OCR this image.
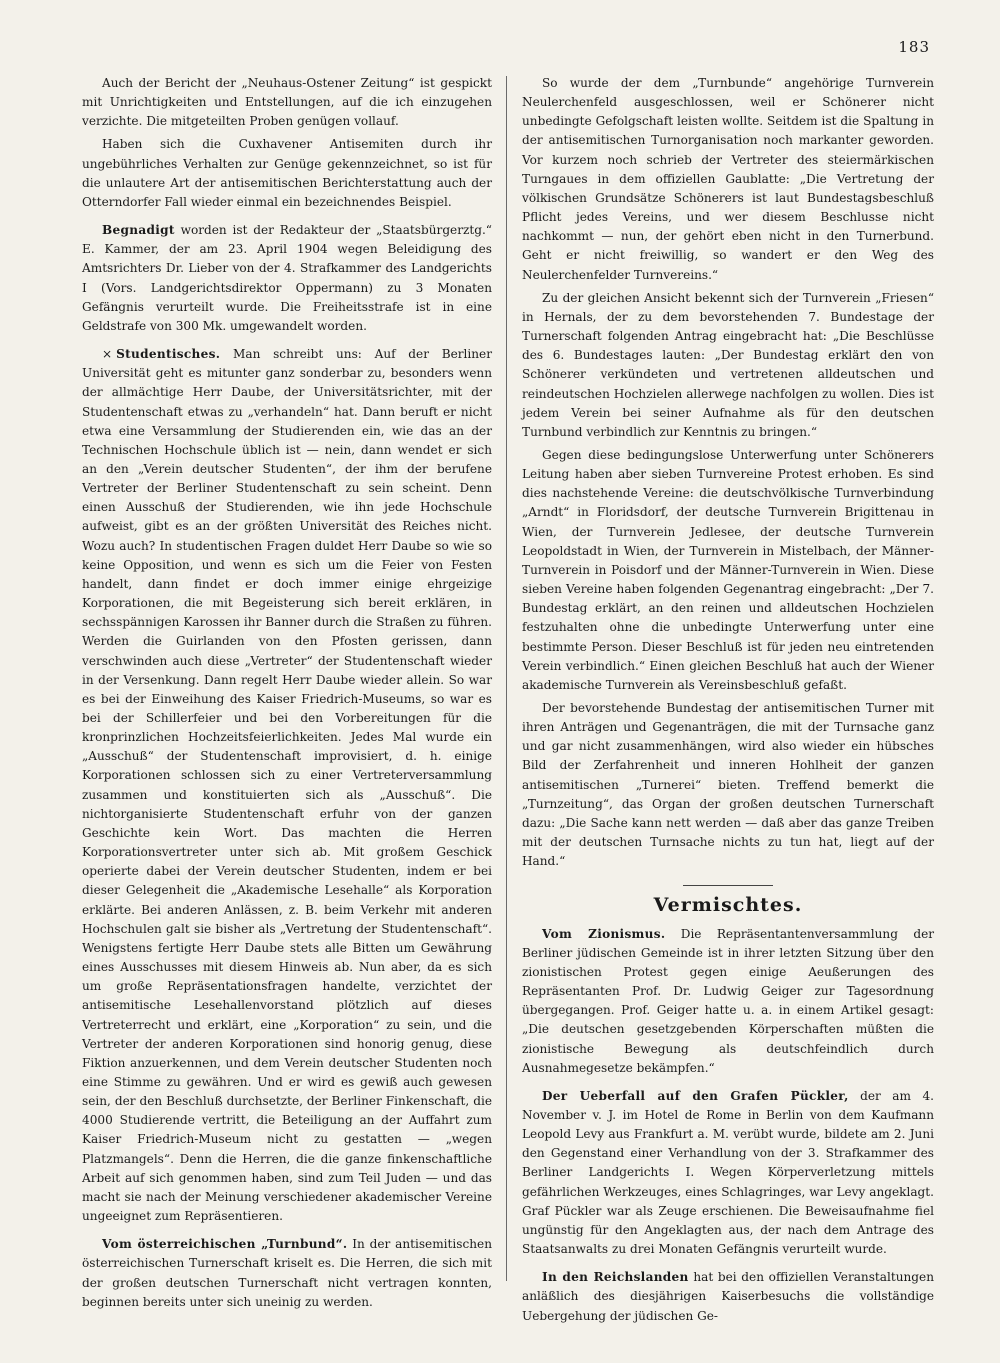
183

Auch der Bericht der „Neuhaus-Ostener Zeitung“ ist gespickt mit Unrichtigkeiten und Entstellungen, auf die ich einzugehen verzichte. Die mitgeteilten Proben genügen vollauf.

Haben sich die Cuxhavener Antisemiten durch ihr ungebührliches Verhalten zur Genüge gekennzeichnet, so ist für die unlautere Art der antisemitischen Berichterstattung auch der Otterndorfer Fall wieder einmal ein bezeichnendes Beispiel.

Begnadigt worden ist der Redakteur der „Staatsbürgerztg.“ E. Kammer, der am 23. April 1904 wegen Beleidigung des Amtsrichters Dr. Lieber von der 4. Strafkammer des Landgerichts I (Vors. Landgerichtsdirektor Oppermann) zu 3 Monaten Gefängnis verurteilt wurde. Die Freiheitsstrafe ist in eine Geldstrafe von 300 Mk. umgewandelt worden.

× Studentisches. Man schreibt uns: Auf der Berliner Universität geht es mitunter ganz sonderbar zu, besonders wenn der allmächtige Herr Daube, der Universitätsrichter, mit der Studentenschaft etwas zu „verhandeln“ hat. Dann beruft er nicht etwa eine Versammlung der Studierenden ein, wie das an der Technischen Hochschule üblich ist — nein, dann wendet er sich an den „Verein deutscher Studenten“, der ihm der berufene Vertreter der Berliner Studentenschaft zu sein scheint. Denn einen Ausschuß der Studierenden, wie ihn jede Hochschule aufweist, gibt es an der größten Universität des Reiches nicht. Wozu auch? In studentischen Fragen duldet Herr Daube so wie so keine Opposition, und wenn es sich um die Feier von Festen handelt, dann findet er doch immer einige ehrgeizige Korporationen, die mit Begeisterung sich bereit erklären, in sechsspännigen Karossen ihr Banner durch die Straßen zu führen. Werden die Guirlanden von den Pfosten gerissen, dann verschwinden auch diese „Vertreter“ der Studentenschaft wieder in der Versenkung. Dann regelt Herr Daube wieder allein. So war es bei der Einweihung des Kaiser Friedrich-Museums, so war es bei der Schillerfeier und bei den Vorbereitungen für die kronprinzlichen Hochzeitsfeierlichkeiten. Jedes Mal wurde ein „Ausschuß“ der Studentenschaft improvisiert, d. h. einige Korporationen schlossen sich zu einer Vertreterversammlung zusammen und konstituierten sich als „Ausschuß“. Die nichtorganisierte Studentenschaft erfuhr von der ganzen Geschichte kein Wort. Das machten die Herren Korporationsvertreter unter sich ab. Mit großem Geschick operierte dabei der Verein deutscher Studenten, indem er bei dieser Gelegenheit die „Akademische Lesehalle“ als Korporation erklärte. Bei anderen Anlässen, z. B. beim Verkehr mit anderen Hochschulen galt sie bisher als „Vertretung der Studentenschaft“. Wenigstens fertigte Herr Daube stets alle Bitten um Gewährung eines Ausschusses mit diesem Hinweis ab. Nun aber, da es sich um große Repräsentationsfragen handelte, verzichtet der antisemitische Lesehallenvorstand plötzlich auf dieses Vertreterrecht und erklärt, eine „Korporation“ zu sein, und die Vertreter der anderen Korporationen sind honorig genug, diese Fiktion anzuerkennen, und dem Verein deutscher Studenten noch eine Stimme zu gewähren. Und er wird es gewiß auch gewesen sein, der den Beschluß durchsetzte, der Berliner Finkenschaft, die 4000 Studierende vertritt, die Beteiligung an der Auffahrt zum Kaiser Friedrich-Museum nicht zu gestatten — „wegen Platzmangels“. Denn die Herren, die die ganze finkenschaftliche Arbeit auf sich genommen haben, sind zum Teil Juden — und das macht sie nach der Meinung verschiedener akademischer Vereine ungeeignet zum Repräsentieren.

Vom österreichischen „Turnbund“. In der antisemitischen österreichischen Turnerschaft kriselt es. Die Herren, die sich mit der großen deutschen Turnerschaft nicht vertragen konnten, beginnen bereits unter sich uneinig zu werden.

So wurde der dem „Turnbunde“ angehörige Turnverein Neulerchenfeld ausgeschlossen, weil er Schönerer nicht unbedingte Gefolgschaft leisten wollte. Seitdem ist die Spaltung in der antisemitischen Turnorganisation noch markanter geworden. Vor kurzem noch schrieb der Vertreter des steiermärkischen Turngaues in dem offiziellen Gaublatte: „Die Vertretung der völkischen Grundsätze Schönerers ist laut Bundestagsbeschluß Pflicht jedes Vereins, und wer diesem Beschlusse nicht nachkommt — nun, der gehört eben nicht in den Turnerbund. Geht er nicht freiwillig, so wandert er den Weg des Neulerchenfelder Turnvereins.“

Zu der gleichen Ansicht bekennt sich der Turnverein „Friesen“ in Hernals, der zu dem bevorstehenden 7. Bundestage der Turnerschaft folgenden Antrag eingebracht hat: „Die Beschlüsse des 6. Bundestages lauten: „Der Bundestag erklärt den von Schönerer verkündeten und vertretenen alldeutschen und reindeutschen Hochzielen allerwege nachfolgen zu wollen. Dies ist jedem Verein bei seiner Aufnahme als für den deutschen Turnbund verbindlich zur Kenntnis zu bringen.“

Gegen diese bedingungslose Unterwerfung unter Schönerers Leitung haben aber sieben Turnvereine Protest erhoben. Es sind dies nachstehende Vereine: die deutschvölkische Turnverbindung „Arndt“ in Floridsdorf, der deutsche Turnverein Brigittenau in Wien, der Turnverein Jedlesee, der deutsche Turnverein Leopoldstadt in Wien, der Turnverein in Mistelbach, der Männer-Turnverein in Poisdorf und der Männer-Turnverein in Wien. Diese sieben Vereine haben folgenden Gegenantrag eingebracht: „Der 7. Bundestag erklärt, an den reinen und alldeutschen Hochzielen festzuhalten ohne die unbedingte Unterwerfung unter eine bestimmte Person. Dieser Beschluß ist für jeden neu eintretenden Verein verbindlich.“ Einen gleichen Beschluß hat auch der Wiener akademische Turnverein als Vereinsbeschluß gefaßt.

Der bevorstehende Bundestag der antisemitischen Turner mit ihren Anträgen und Gegenanträgen, die mit der Turnsache ganz und gar nicht zusammenhängen, wird also wieder ein hübsches Bild der Zerfahrenheit und inneren Hohlheit der ganzen antisemitischen „Turnerei“ bieten. Treffend bemerkt die „Turnzeitung“, das Organ der großen deutschen Turnerschaft dazu: „Die Sache kann nett werden — daß aber das ganze Treiben mit der deutschen Turnsache nichts zu tun hat, liegt auf der Hand.“

Vermischtes.

Vom Zionismus. Die Repräsentantenversammlung der Berliner jüdischen Gemeinde ist in ihrer letzten Sitzung über den zionistischen Protest gegen einige Aeußerungen des Repräsentanten Prof. Dr. Ludwig Geiger zur Tagesordnung übergegangen. Prof. Geiger hatte u. a. in einem Artikel gesagt: „Die deutschen gesetzgebenden Körperschaften müßten die zionistische Bewegung als deutschfeindlich durch Ausnahmegesetze bekämpfen.“

Der Ueberfall auf den Grafen Pückler, der am 4. November v. J. im Hotel de Rome in Berlin von dem Kaufmann Leopold Levy aus Frankfurt a. M. verübt wurde, bildete am 2. Juni den Gegenstand einer Verhandlung von der 3. Strafkammer des Berliner Landgerichts I. Wegen Körperverletzung mittels gefährlichen Werkzeuges, eines Schlagringes, war Levy angeklagt. Graf Pückler war als Zeuge erschienen. Die Beweisaufnahme fiel ungünstig für den Angeklagten aus, der nach dem Antrage des Staatsanwalts zu drei Monaten Gefängnis verurteilt wurde.

In den Reichslanden hat bei den offiziellen Veranstaltungen anläßlich des diesjährigen Kaiserbesuchs die vollständige Uebergehung der jüdischen Ge-
